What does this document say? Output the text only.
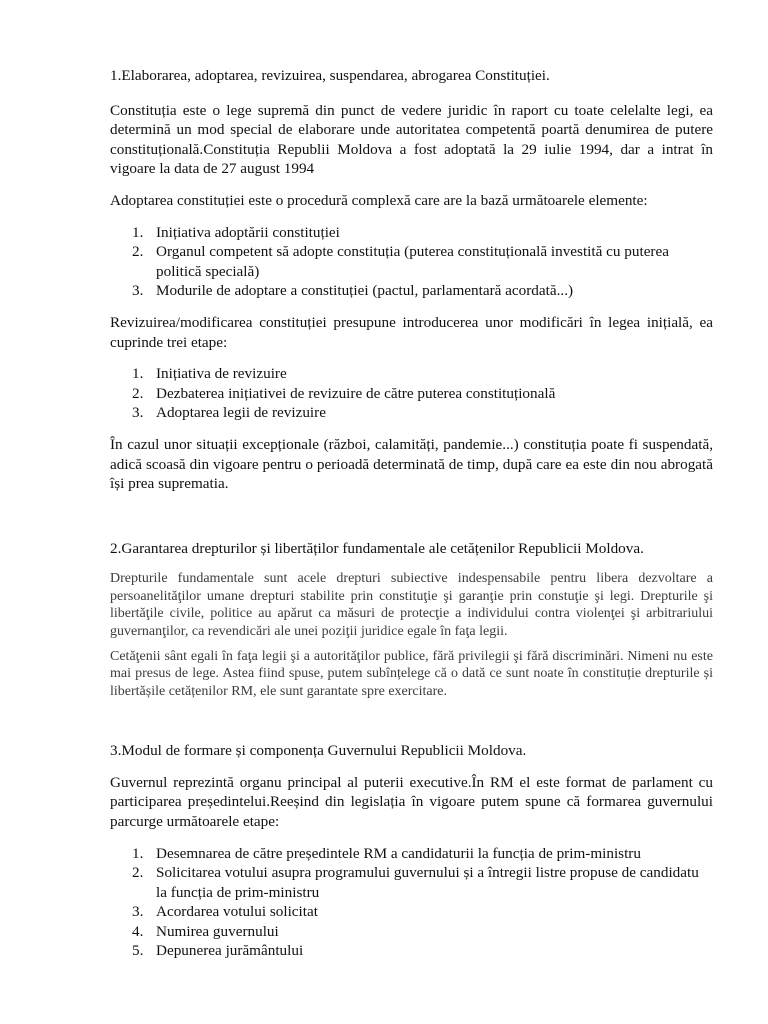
1.Elaborarea, adoptarea, revizuirea, suspendarea, abrogarea Constituției.

Constituția este o lege supremă din punct de vedere juridic în raport cu toate celelalte legi, ea determină un mod special de elaborare unde autoritatea competentă poartă denumirea de putere constituțională.Constituția Republii Moldova a fost adoptată la 29 iulie 1994, dar a intrat în vigoare la data de 27 august 1994

Adoptarea constituției este o procedură complexă care are la bază următoarele elemente:

1. Inițiativa adoptării constituției
2. Organul competent să adopte constituția (puterea constituțională investită cu puterea politică specială)
3. Modurile de adoptare a constituției (pactul, parlamentară acordată...)

Revizuirea/modificarea constituției presupune introducerea unor modificări în legea inițială, ea cuprinde trei etape:

1. Inițiativa de revizuire
2. Dezbaterea inițiativei de revizuire de către puterea constituțională
3. Adoptarea legii de revizuire

În cazul unor situații excepționale (război, calamități, pandemie...) constituția poate fi suspendată, adică scoasă din vigoare pentru o perioadă determinată de timp, după care ea este din nou abrogată își prea suprematia.

2.Garantarea drepturilor și libertăților fundamentale ale cetățenilor Republicii Moldova.

Drepturile fundamentale sunt acele drepturi subiective indespensabile pentru libera dezvoltare a persoanelităţilor umane drepturi stabilite prin constituţie şi garanţie prin constuţie şi legi. Drepturile şi libertăţile civile, politice au apărut ca măsuri de protecţie a individului contra violenţei şi arbitrariului guvernanţilor, ca revendicări ale unei poziţii juridice egale în faţa legii.

Cetăţenii sânt egali în faţa legii şi a autorităţilor publice, fără privilegii şi fără discriminări. Nimeni nu este mai presus de lege. Astea fiind spuse, putem subînțelege că o dată ce sunt noate în constituție drepturile și libertășile cetățenilor RM, ele sunt garantate spre exercitare.

3.Modul de formare și componența Guvernului Republicii Moldova.

Guvernul reprezintă organu principal al puterii executive.În RM el este format de parlament cu participarea președintelui.Reeșind din legislația în vigoare putem spune că formarea guvernului parcurge următoarele etape:

1. Desemnarea de către președintele RM a candidaturii la funcția de prim-ministru
2. Solicitarea votului asupra programului guvernului și a întregii listre propuse de candidatu la funcția de prim-ministru
3. Acordarea votului solicitat
4. Numirea guvernului
5. Depunerea jurământului
